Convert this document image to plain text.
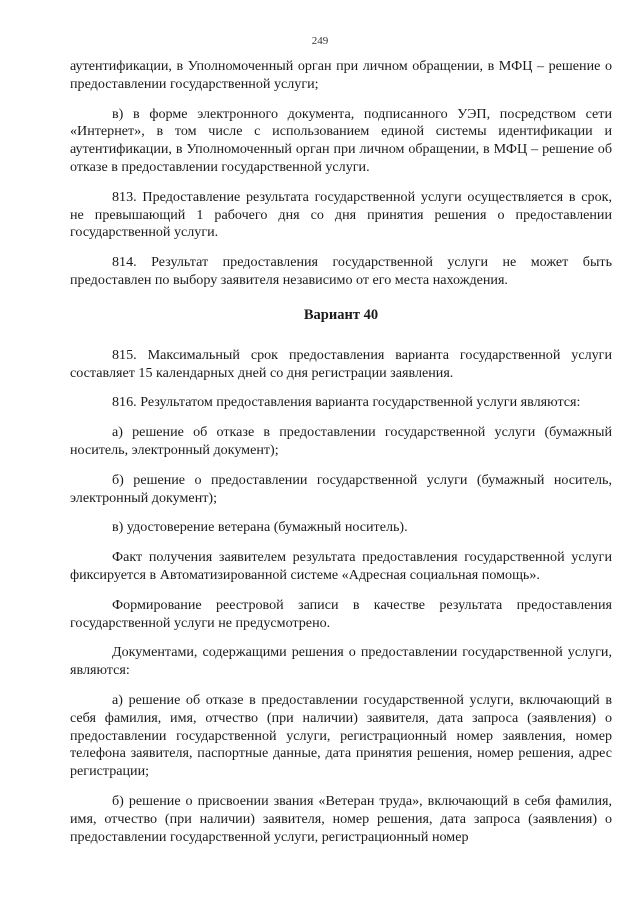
249

аутентификации, в Уполномоченный орган при личном обращении, в МФЦ – решение о предоставлении государственной услуги;

в) в форме электронного документа, подписанного УЭП, посредством сети «Интернет», в том числе с использованием единой системы идентификации и аутентификации, в Уполномоченный орган при личном обращении, в МФЦ – решение об отказе в предоставлении государственной услуги.

813. Предоставление результата государственной услуги осуществляется в срок, не превышающий 1 рабочего дня со дня принятия решения о предоставлении государственной услуги.

814. Результат предоставления государственной услуги не может быть предоставлен по выбору заявителя независимо от его места нахождения.

Вариант 40

815. Максимальный срок предоставления варианта государственной услуги составляет 15 календарных дней со дня регистрации заявления.

816. Результатом предоставления варианта государственной услуги являются:

а) решение об отказе в предоставлении государственной услуги (бумажный носитель, электронный документ);

б) решение о предоставлении государственной услуги (бумажный носитель, электронный документ);

в) удостоверение ветерана (бумажный носитель).

Факт получения заявителем результата предоставления государственной услуги фиксируется в Автоматизированной системе «Адресная социальная помощь».

Формирование реестровой записи в качестве результата предоставления государственной услуги не предусмотрено.

Документами, содержащими решения о предоставлении государственной услуги, являются:

а) решение об отказе в предоставлении государственной услуги, включающий в себя фамилия, имя, отчество (при наличии) заявителя, дата запроса (заявления) о предоставлении государственной услуги, регистрационный номер заявления, номер телефона заявителя, паспортные данные, дата принятия решения, номер решения, адрес регистрации;

б) решение о присвоении звания «Ветеран труда», включающий в себя фамилия, имя, отчество (при наличии) заявителя, номер решения, дата запроса (заявления) о предоставлении государственной услуги, регистрационный номер
